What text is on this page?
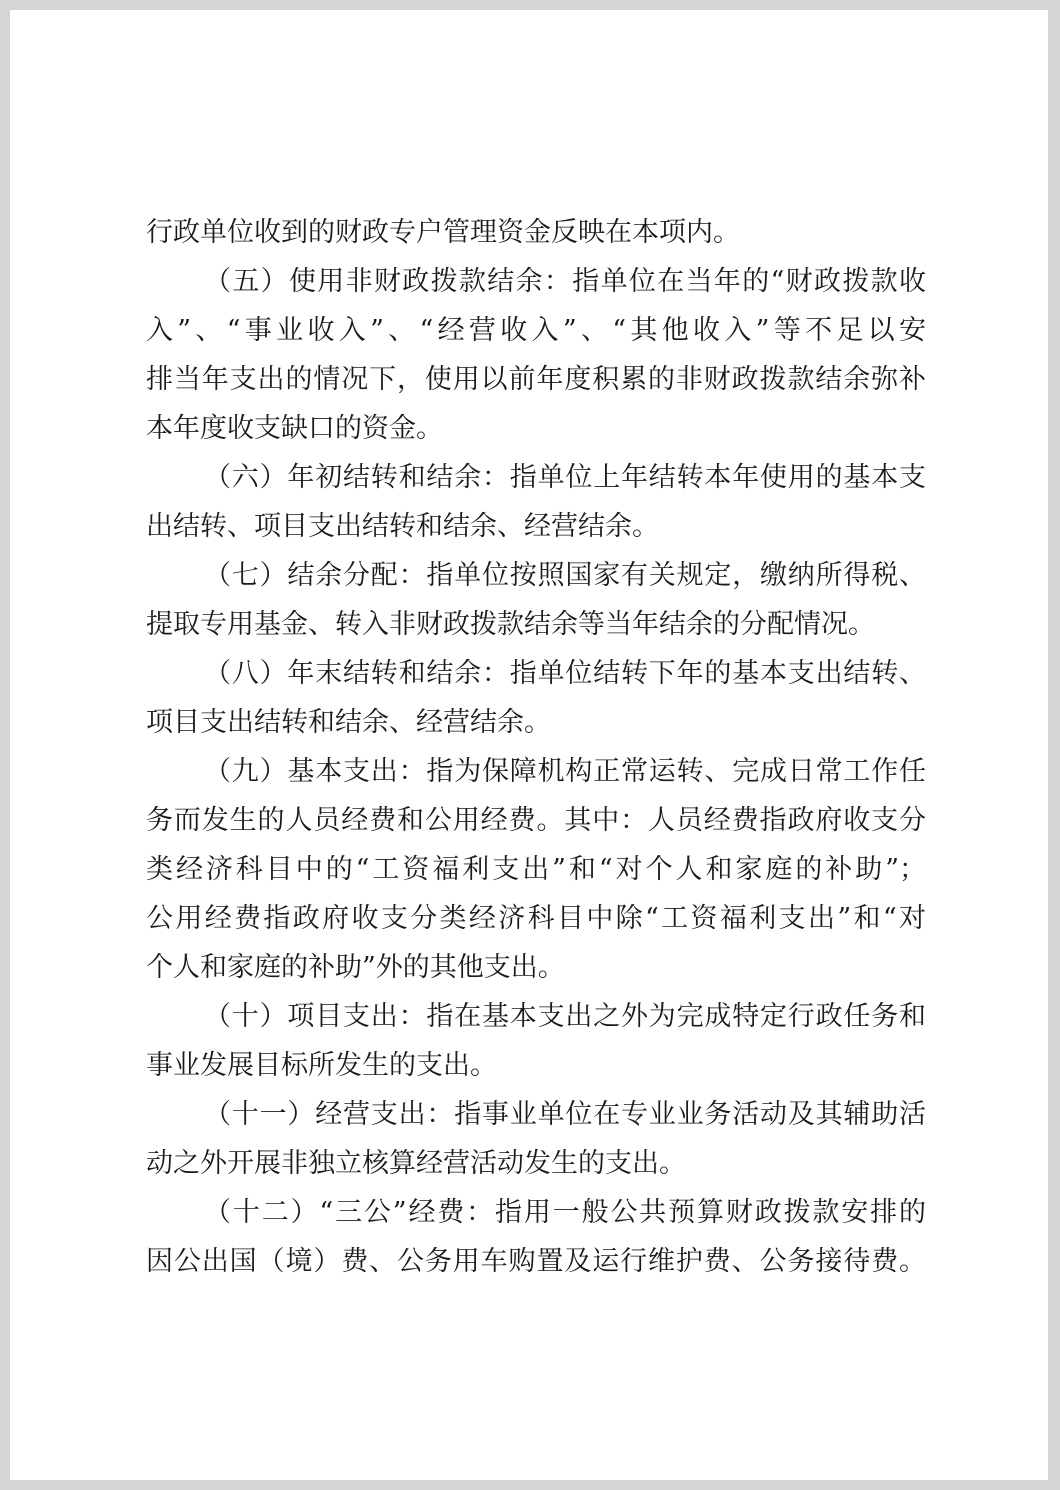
行政单位收到的财政专户管理资金反映在本项内。
（五）使用非财政拨款结余：指单位在当年的“财政拨款收
入”、“事业收入”、“经营收入”、“其他收入”等不足以安
排当年支出的情况下，使用以前年度积累的非财政拨款结余弥补
本年度收支缺口的资金。
（六）年初结转和结余：指单位上年结转本年使用的基本支
出结转、项目支出结转和结余、经营结余。
（七）结余分配：指单位按照国家有关规定，缴纳所得税、
提取专用基金、转入非财政拨款结余等当年结余的分配情况。
（八）年末结转和结余：指单位结转下年的基本支出结转、
项目支出结转和结余、经营结余。
（九）基本支出：指为保障机构正常运转、完成日常工作任
务而发生的人员经费和公用经费。其中：人员经费指政府收支分
类经济科目中的“工资福利支出”和“对个人和家庭的补助”；
公用经费指政府收支分类经济科目中除“工资福利支出”和“对
个人和家庭的补助”外的其他支出。
（十）项目支出：指在基本支出之外为完成特定行政任务和
事业发展目标所发生的支出。
（十一）经营支出：指事业单位在专业业务活动及其辅助活
动之外开展非独立核算经营活动发生的支出。
（十二）“三公”经费：指用一般公共预算财政拨款安排的
因公出国（境）费、公务用车购置及运行维护费、公务接待费。
